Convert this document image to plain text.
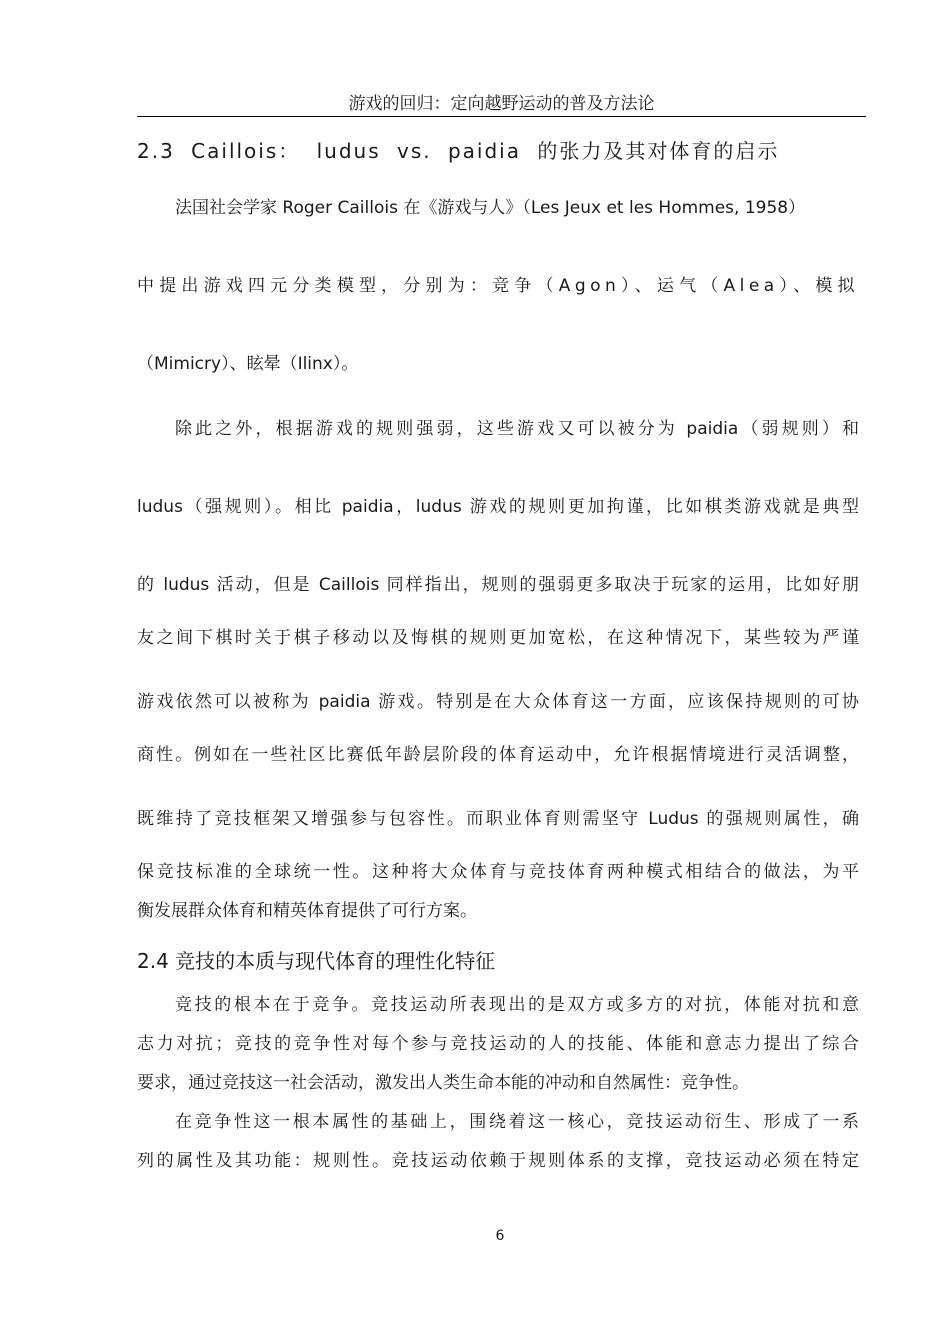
游戏的回归：定向越野运动的普及方法论
2.3 Caillois： ludus vs. paidia 的张力及其对体育的启示

法国社会学家 Roger Caillois 在《游戏与人》（Les Jeux et les Hommes, 1958）

中提出游戏四元分类模型，分别为：竞争（Agon）、运气（Alea）、模拟

（Mimicry）、眩晕（Ilinx）。

除此之外，根据游戏的规则强弱，这些游戏又可以被分为 paidia（弱规则）和

ludus（强规则）。相比 paidia，ludus 游戏的规则更加拘谨，比如棋类游戏就是典型

的 ludus 活动，但是 Caillois 同样指出，规则的强弱更多取决于玩家的运用，比如好朋

友之间下棋时关于棋子移动以及悔棋的规则更加宽松，在这种情况下，某些较为严谨

游戏依然可以被称为 paidia 游戏。特别是在大众体育这一方面，应该保持规则的可协

商性。例如在一些社区比赛低年龄层阶段的体育运动中，允许根据情境进行灵活调整，

既维持了竞技框架又增强参与包容性。而职业体育则需坚守 Ludus 的强规则属性，确

保竞技标准的全球统一性。这种将大众体育与竞技体育两种模式相结合的做法，为平

衡发展群众体育和精英体育提供了可行方案。

2.4 竞技的本质与现代体育的理性化特征

竞技的根本在于竞争。竞技运动所表现出的是双方或多方的对抗，体能对抗和意

志力对抗；竞技的竞争性对每个参与竞技运动的人的技能、体能和意志力提出了综合

要求，通过竞技这一社会活动，激发出人类生命本能的冲动和自然属性：竞争性。

在竞争性这一根本属性的基础上，围绕着这一核心，竞技运动衍生、形成了一系

列的属性及其功能：规则性。竞技运动依赖于规则体系的支撑，竞技运动必须在特定

6
